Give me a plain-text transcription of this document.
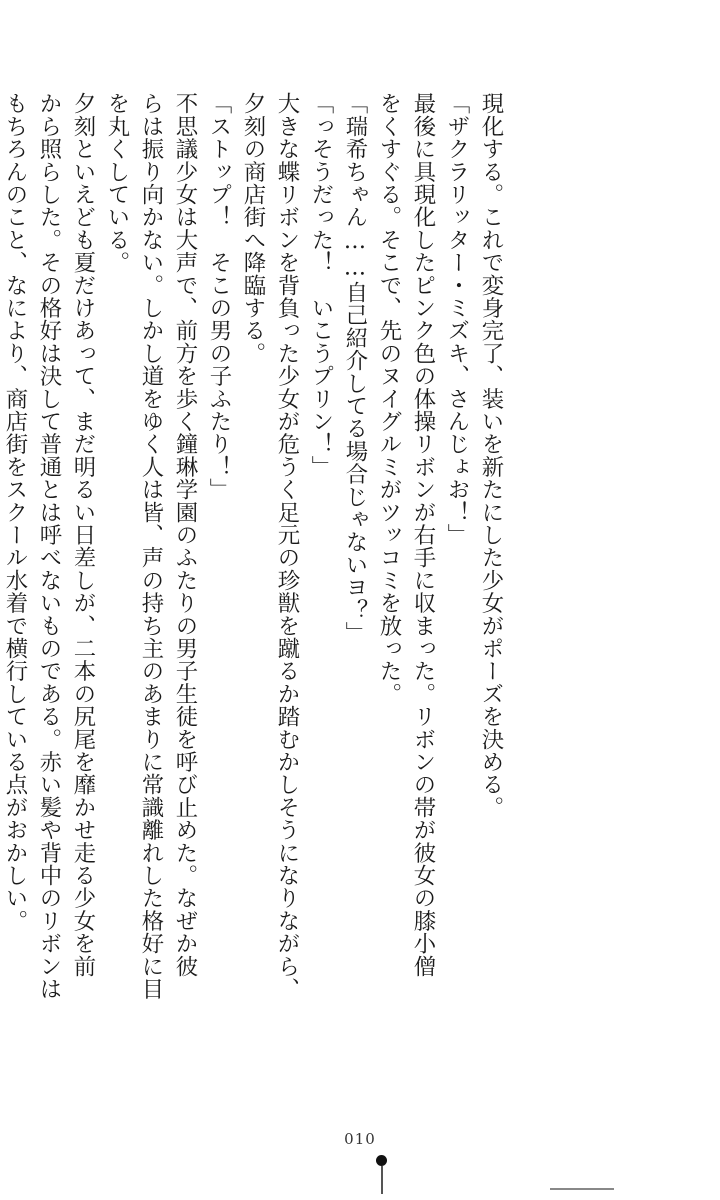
現化する。これで変身完了、装いを新たにした少女がポーズを決める。
「ザクラリッター・ミズキ、さんじょお！」
最後に具現化したピンク色の体操リボンが右手に収まった。リボンの帯が彼女の膝小僧
をくすぐる。そこで、先のヌイグルミがツッコミを放った。
「瑞希ちゃん……自己紹介してる場合じゃないヨ？」
「っそうだった！　いこうプリン！」
大きな蝶リボンを背負った少女が危うく足元の珍獣を蹴るか踏むかしそうになりながら、
夕刻の商店街へ降臨する。
「ストップ！　そこの男の子ふたり！」
不思議少女は大声で、前方を歩く鐘琳学園のふたりの男子生徒を呼び止めた。なぜか彼
らは振り向かない。しかし道をゆく人は皆、声の持ち主のあまりに常識離れした格好に目
を丸くしている。
夕刻といえども夏だけあって、まだ明るい日差しが、二本の尻尾を靡かせ走る少女を前
から照らした。その格好は決して普通とは呼べないものである。赤い髪や背中のリボンは
もちろんのこと、なにより、商店街をスクール水着で横行している点がおかしい。
010
